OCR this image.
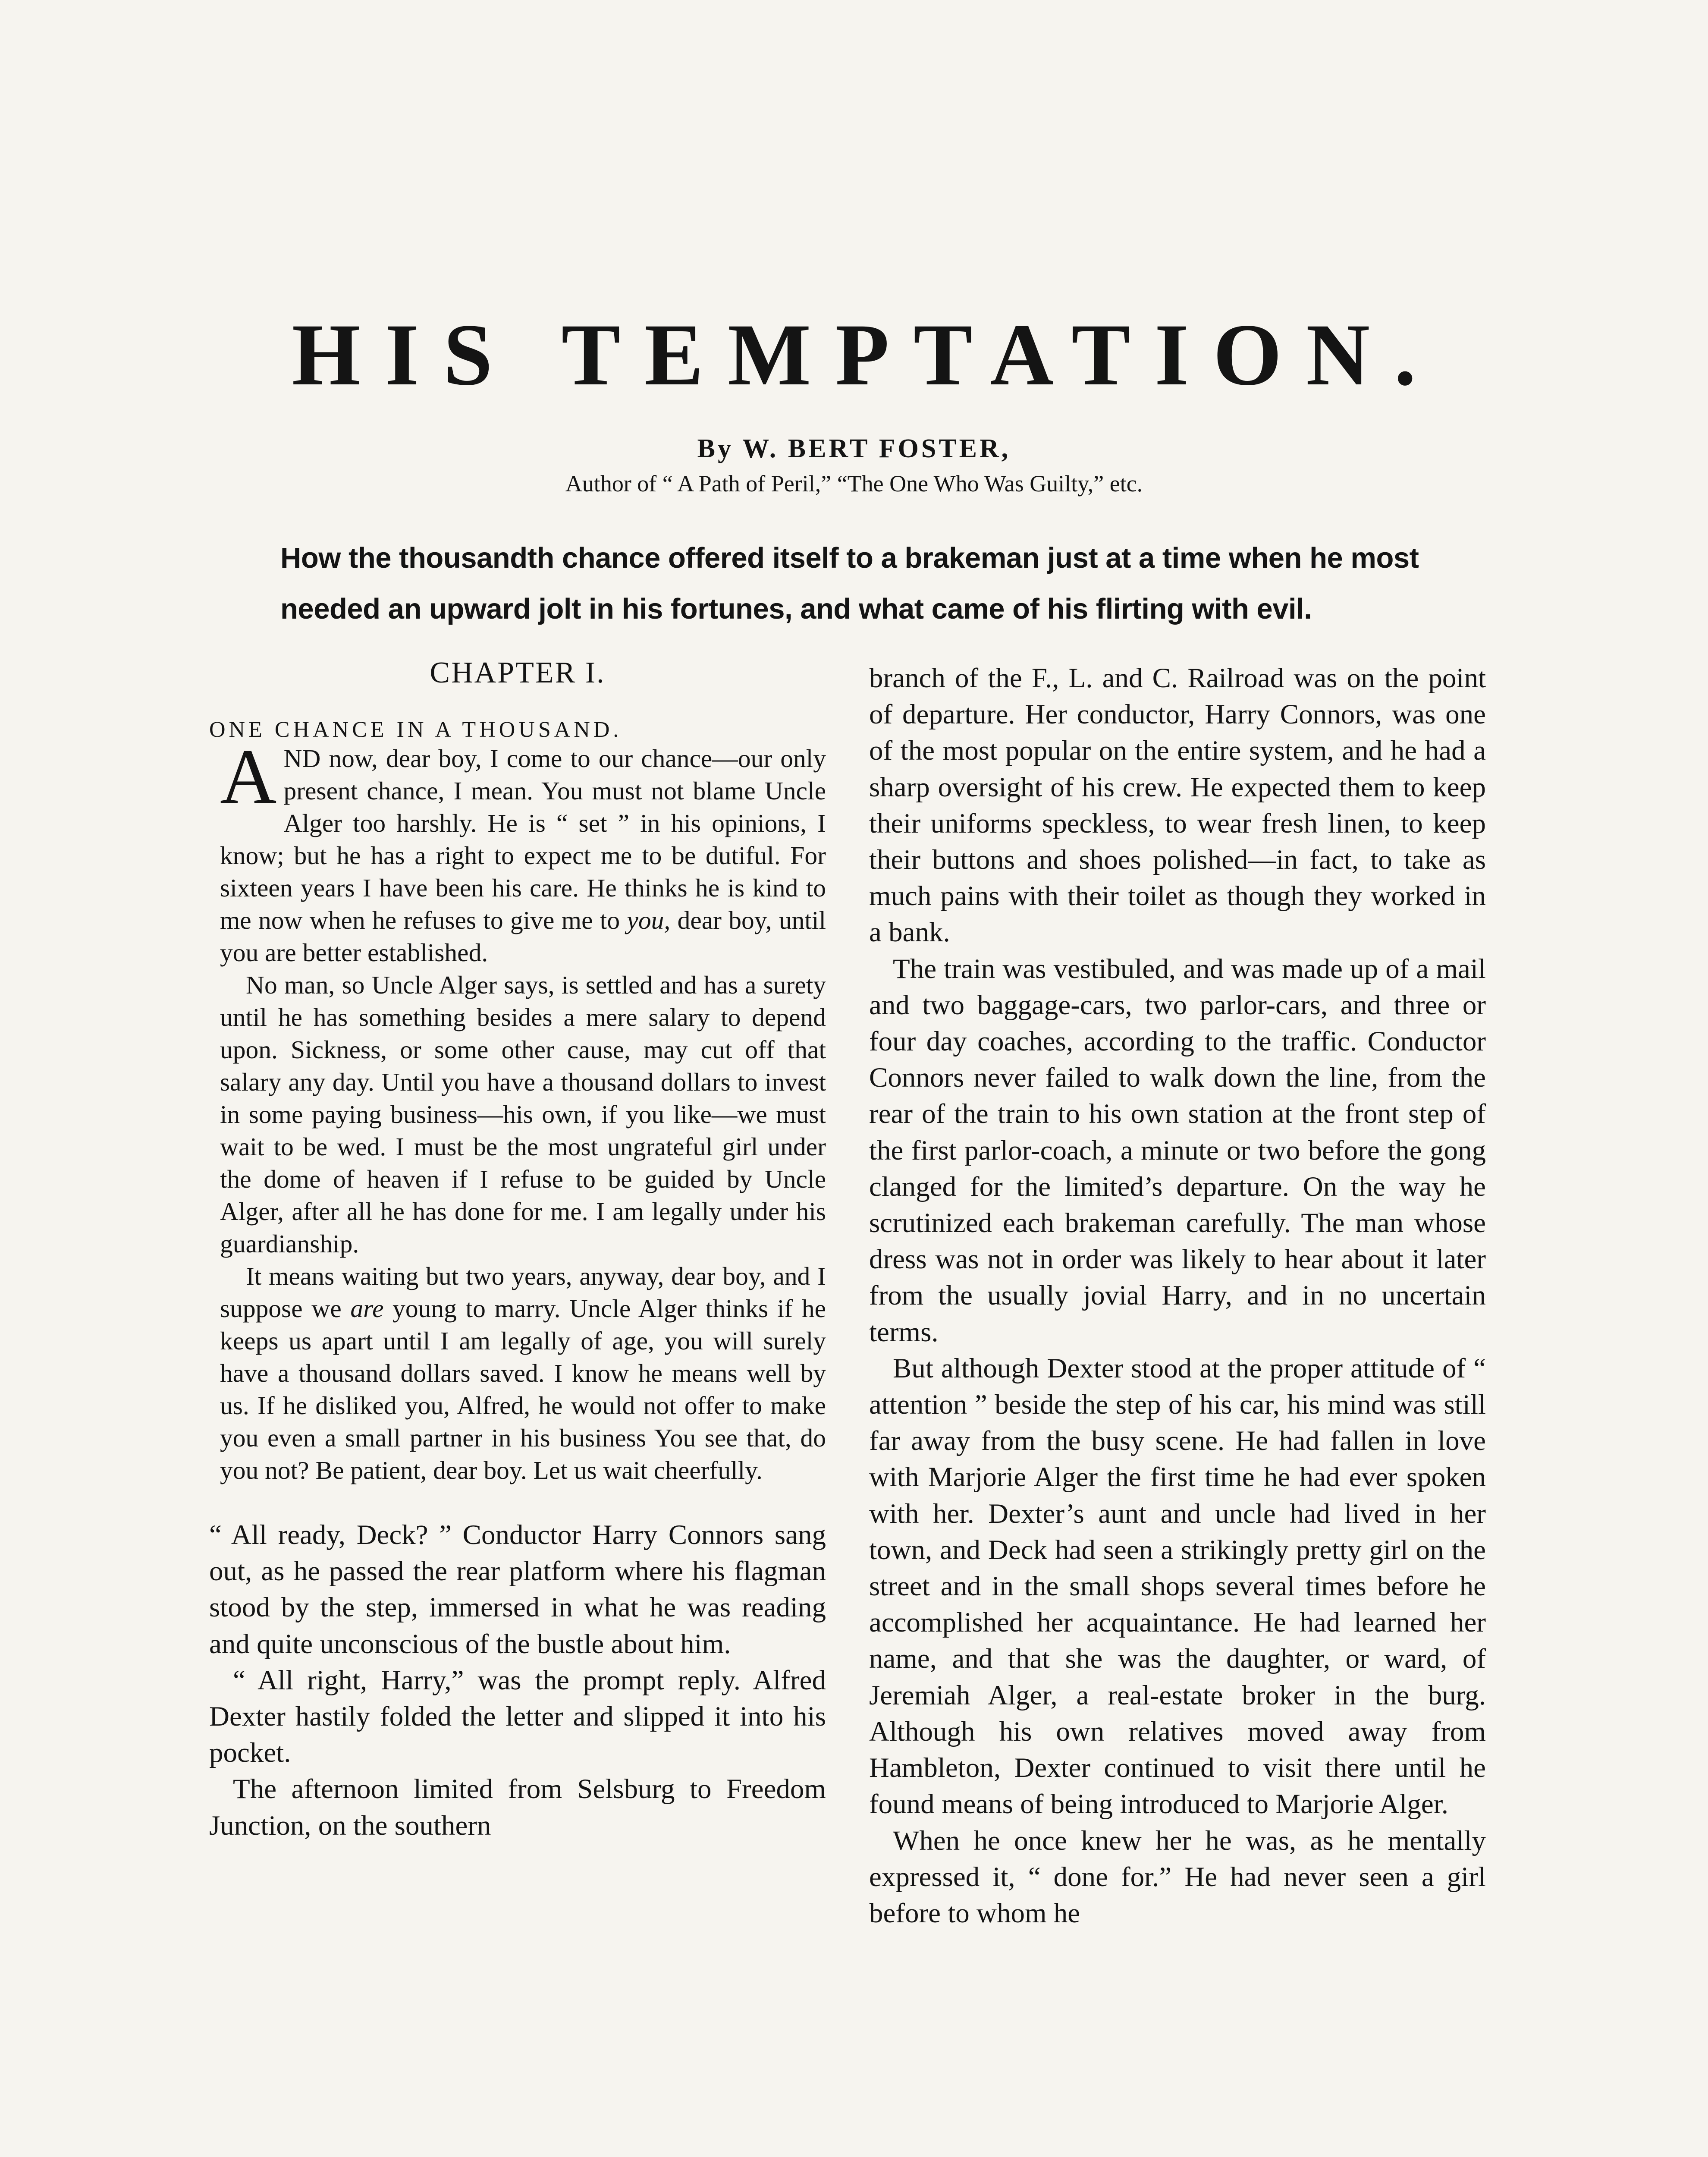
HIS TEMPTATION.

By W. BERT FOSTER,

Author of “ A Path of Peril,” “The One Who Was Guilty,” etc.

How the thousandth chance offered itself to a brakeman just at a time when he most needed an upward jolt in his fortunes, and what came of his flirting with evil.

CHAPTER I.

ONE CHANCE IN A THOUSAND.

AND now, dear boy, I come to our chance—our only present chance, I mean. You must not blame Uncle Alger too harshly. He is “ set ” in his opinions, I know; but he has a right to expect me to be dutiful. For sixteen years I have been his care. He thinks he is kind to me now when he refuses to give me to you, dear boy, until you are better established.

No man, so Uncle Alger says, is settled and has a surety until he has something besides a mere salary to depend upon. Sickness, or some other cause, may cut off that salary any day. Until you have a thousand dollars to invest in some paying business—his own, if you like—we must wait to be wed. I must be the most ungrateful girl under the dome of heaven if I refuse to be guided by Uncle Alger, after all he has done for me. I am legally under his guardianship.

It means waiting but two years, anyway, dear boy, and I suppose we are young to marry. Uncle Alger thinks if he keeps us apart until I am legally of age, you will surely have a thousand dollars saved. I know he means well by us. If he disliked you, Alfred, he would not offer to make you even a small partner in his business You see that, do you not? Be patient, dear boy. Let us wait cheerfully.

“ All ready, Deck? ” Conductor Harry Connors sang out, as he passed the rear platform where his flagman stood by the step, immersed in what he was reading and quite unconscious of the bustle about him.

“ All right, Harry,” was the prompt reply. Alfred Dexter hastily folded the letter and slipped it into his pocket.

The afternoon limited from Selsburg to Freedom Junction, on the southern

branch of the F., L. and C. Railroad was on the point of departure. Her conductor, Harry Connors, was one of the most popular on the entire system, and he had a sharp oversight of his crew. He expected them to keep their uniforms speckless, to wear fresh linen, to keep their buttons and shoes polished—in fact, to take as much pains with their toilet as though they worked in a bank.

The train was vestibuled, and was made up of a mail and two baggage-cars, two parlor-cars, and three or four day coaches, according to the traffic. Conductor Connors never failed to walk down the line, from the rear of the train to his own station at the front step of the first parlor-coach, a minute or two before the gong clanged for the limited’s departure. On the way he scrutinized each brakeman carefully. The man whose dress was not in order was likely to hear about it later from the usually jovial Harry, and in no uncertain terms.

But although Dexter stood at the proper attitude of “ attention ” beside the step of his car, his mind was still far away from the busy scene. He had fallen in love with Marjorie Alger the first time he had ever spoken with her. Dexter’s aunt and uncle had lived in her town, and Deck had seen a strikingly pretty girl on the street and in the small shops several times before he accomplished her acquaintance. He had learned her name, and that she was the daughter, or ward, of Jeremiah Alger, a real-estate broker in the burg. Although his own relatives moved away from Hambleton, Dexter continued to visit there until he found means of being introduced to Marjorie Alger.

When he once knew her he was, as he mentally expressed it, “ done for.” He had never seen a girl before to whom he
